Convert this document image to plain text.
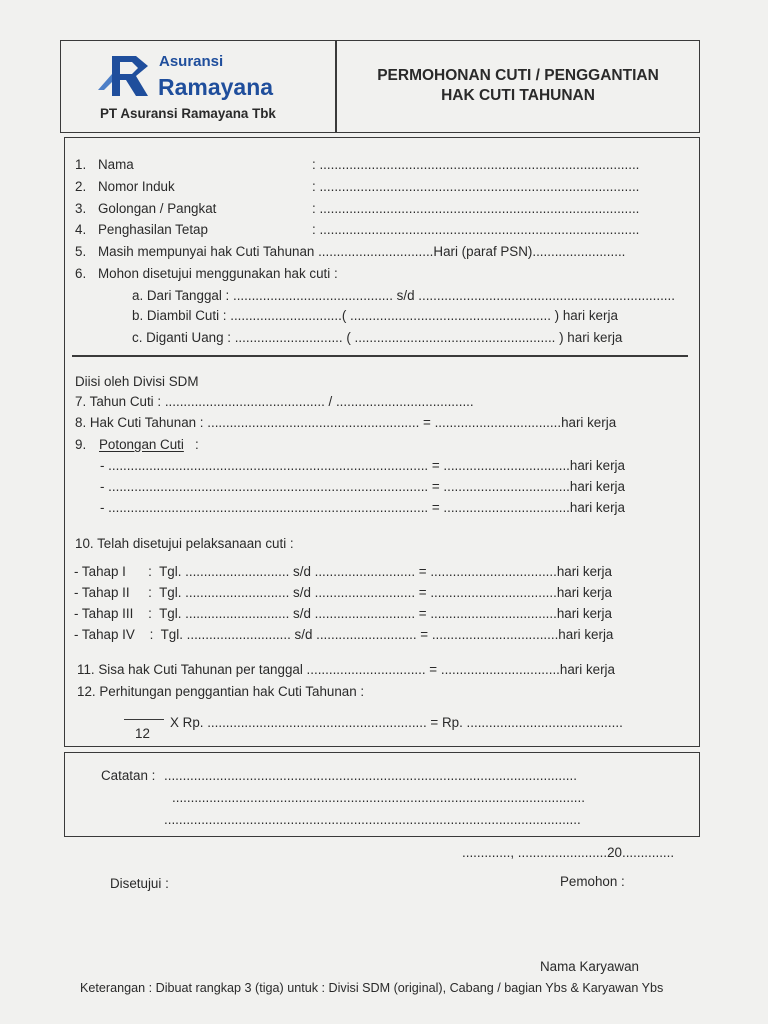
Asuransi
Ramayana
PT Asuransi Ramayana Tbk
PERMOHONAN CUTI / PENGGANTIAN
HAK CUTI TAHUNAN
1. Nama	: ......................................................................................
2. Nomor Induk	: ......................................................................................
3. Golongan / Pangkat	: ......................................................................................
4. Penghasilan Tetap	: ......................................................................................
5. Masih mempunyai hak Cuti Tahunan ...............................Hari (paraf PSN).........................
6. Mohon disetujui menggunakan hak cuti :
a. Dari Tanggal : ........................................... s/d .....................................................................
b. Diambil Cuti : ..............................( ...................................................... ) hari kerja
c. Diganti Uang : ............................. ( ...................................................... ) hari kerja
Diisi oleh Divisi SDM
7. Tahun Cuti : ........................................... / .....................................
8. Hak Cuti Tahunan : ......................................................... = ..................................hari kerja
9. Potongan Cuti :
- ...................................................................................... = ..................................hari kerja
- ...................................................................................... = ..................................hari kerja
- ...................................................................................... = ..................................hari kerja
10. Telah disetujui pelaksanaan cuti :
- Tahap I      :  Tgl. ............................ s/d ........................... = ..................................hari kerja
- Tahap II     :  Tgl. ............................ s/d ........................... = ..................................hari kerja
- Tahap III    :  Tgl. ............................ s/d ........................... = ..................................hari kerja
- Tahap IV    :  Tgl. ............................ s/d ........................... = ..................................hari kerja
11. Sisa hak Cuti Tahunan per tanggal ................................ = ................................hari kerja
12. Perhitungan penggantian hak Cuti Tahunan :
12
X Rp. ........................................................... = Rp. ..........................................
Catatan : ...............................................................................................................
...............................................................................................................
................................................................................................................
............., ........................20..............
Disetujui :	Pemohon :
Nama Karyawan
Keterangan : Dibuat rangkap 3 (tiga) untuk : Divisi SDM (original), Cabang / bagian Ybs & Karyawan Ybs
